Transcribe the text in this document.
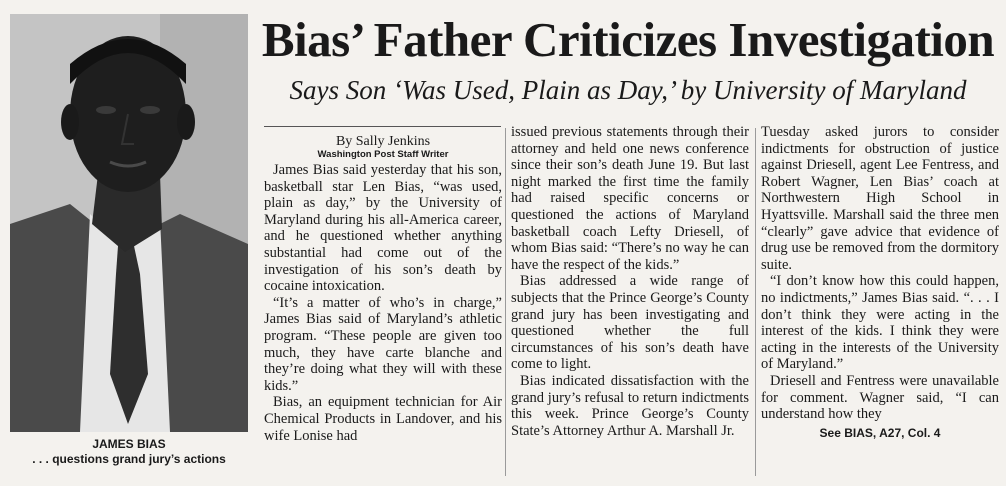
JAMES BIAS
. . . questions grand jury’s actions
Bias’ Father Criticizes Investigation
Says Son ‘Was Used, Plain as Day,’ by University of Maryland
By Sally Jenkins
Washington Post Staff Writer

James Bias said yesterday that his son, basketball star Len Bias, “was used, plain as day,” by the University of Maryland during his all-America career, and he questioned whether anything substantial had come out of the investigation of his son’s death by cocaine intoxication.

“It’s a matter of who’s in charge,” James Bias said of Maryland’s athletic program. “These people are given too much, they have carte blanche and they’re doing what they will with these kids.”

Bias, an equipment technician for Air Chemical Products in Landover, and his wife Lonise had

issued previous statements through their attorney and held one news conference since their son’s death June 19. But last night marked the first time the family had raised specific concerns or questioned the actions of Maryland basketball coach Lefty Driesell, of whom Bias said: “There’s no way he can have the respect of the kids.”

Bias addressed a wide range of subjects that the Prince George’s County grand jury has been investigating and questioned whether the full circumstances of his son’s death have come to light.

Bias indicated dissatisfaction with the grand jury’s refusal to return indictments this week. Prince George’s County State’s Attorney Arthur A. Marshall Jr.

Tuesday asked jurors to consider indictments for obstruction of justice against Driesell, agent Lee Fentress, and Robert Wagner, Len Bias’ coach at Northwestern High School in Hyattsville. Marshall said the three men “clearly” gave advice that evidence of drug use be removed from the dormitory suite.

“I don’t know how this could happen, no indictments,” James Bias said. “. . . I don’t think they were acting in the interest of the kids. I think they were acting in the interests of the University of Maryland.”

Driesell and Fentress were unavailable for comment. Wagner said, “I can understand how they

See BIAS, A27, Col. 4
